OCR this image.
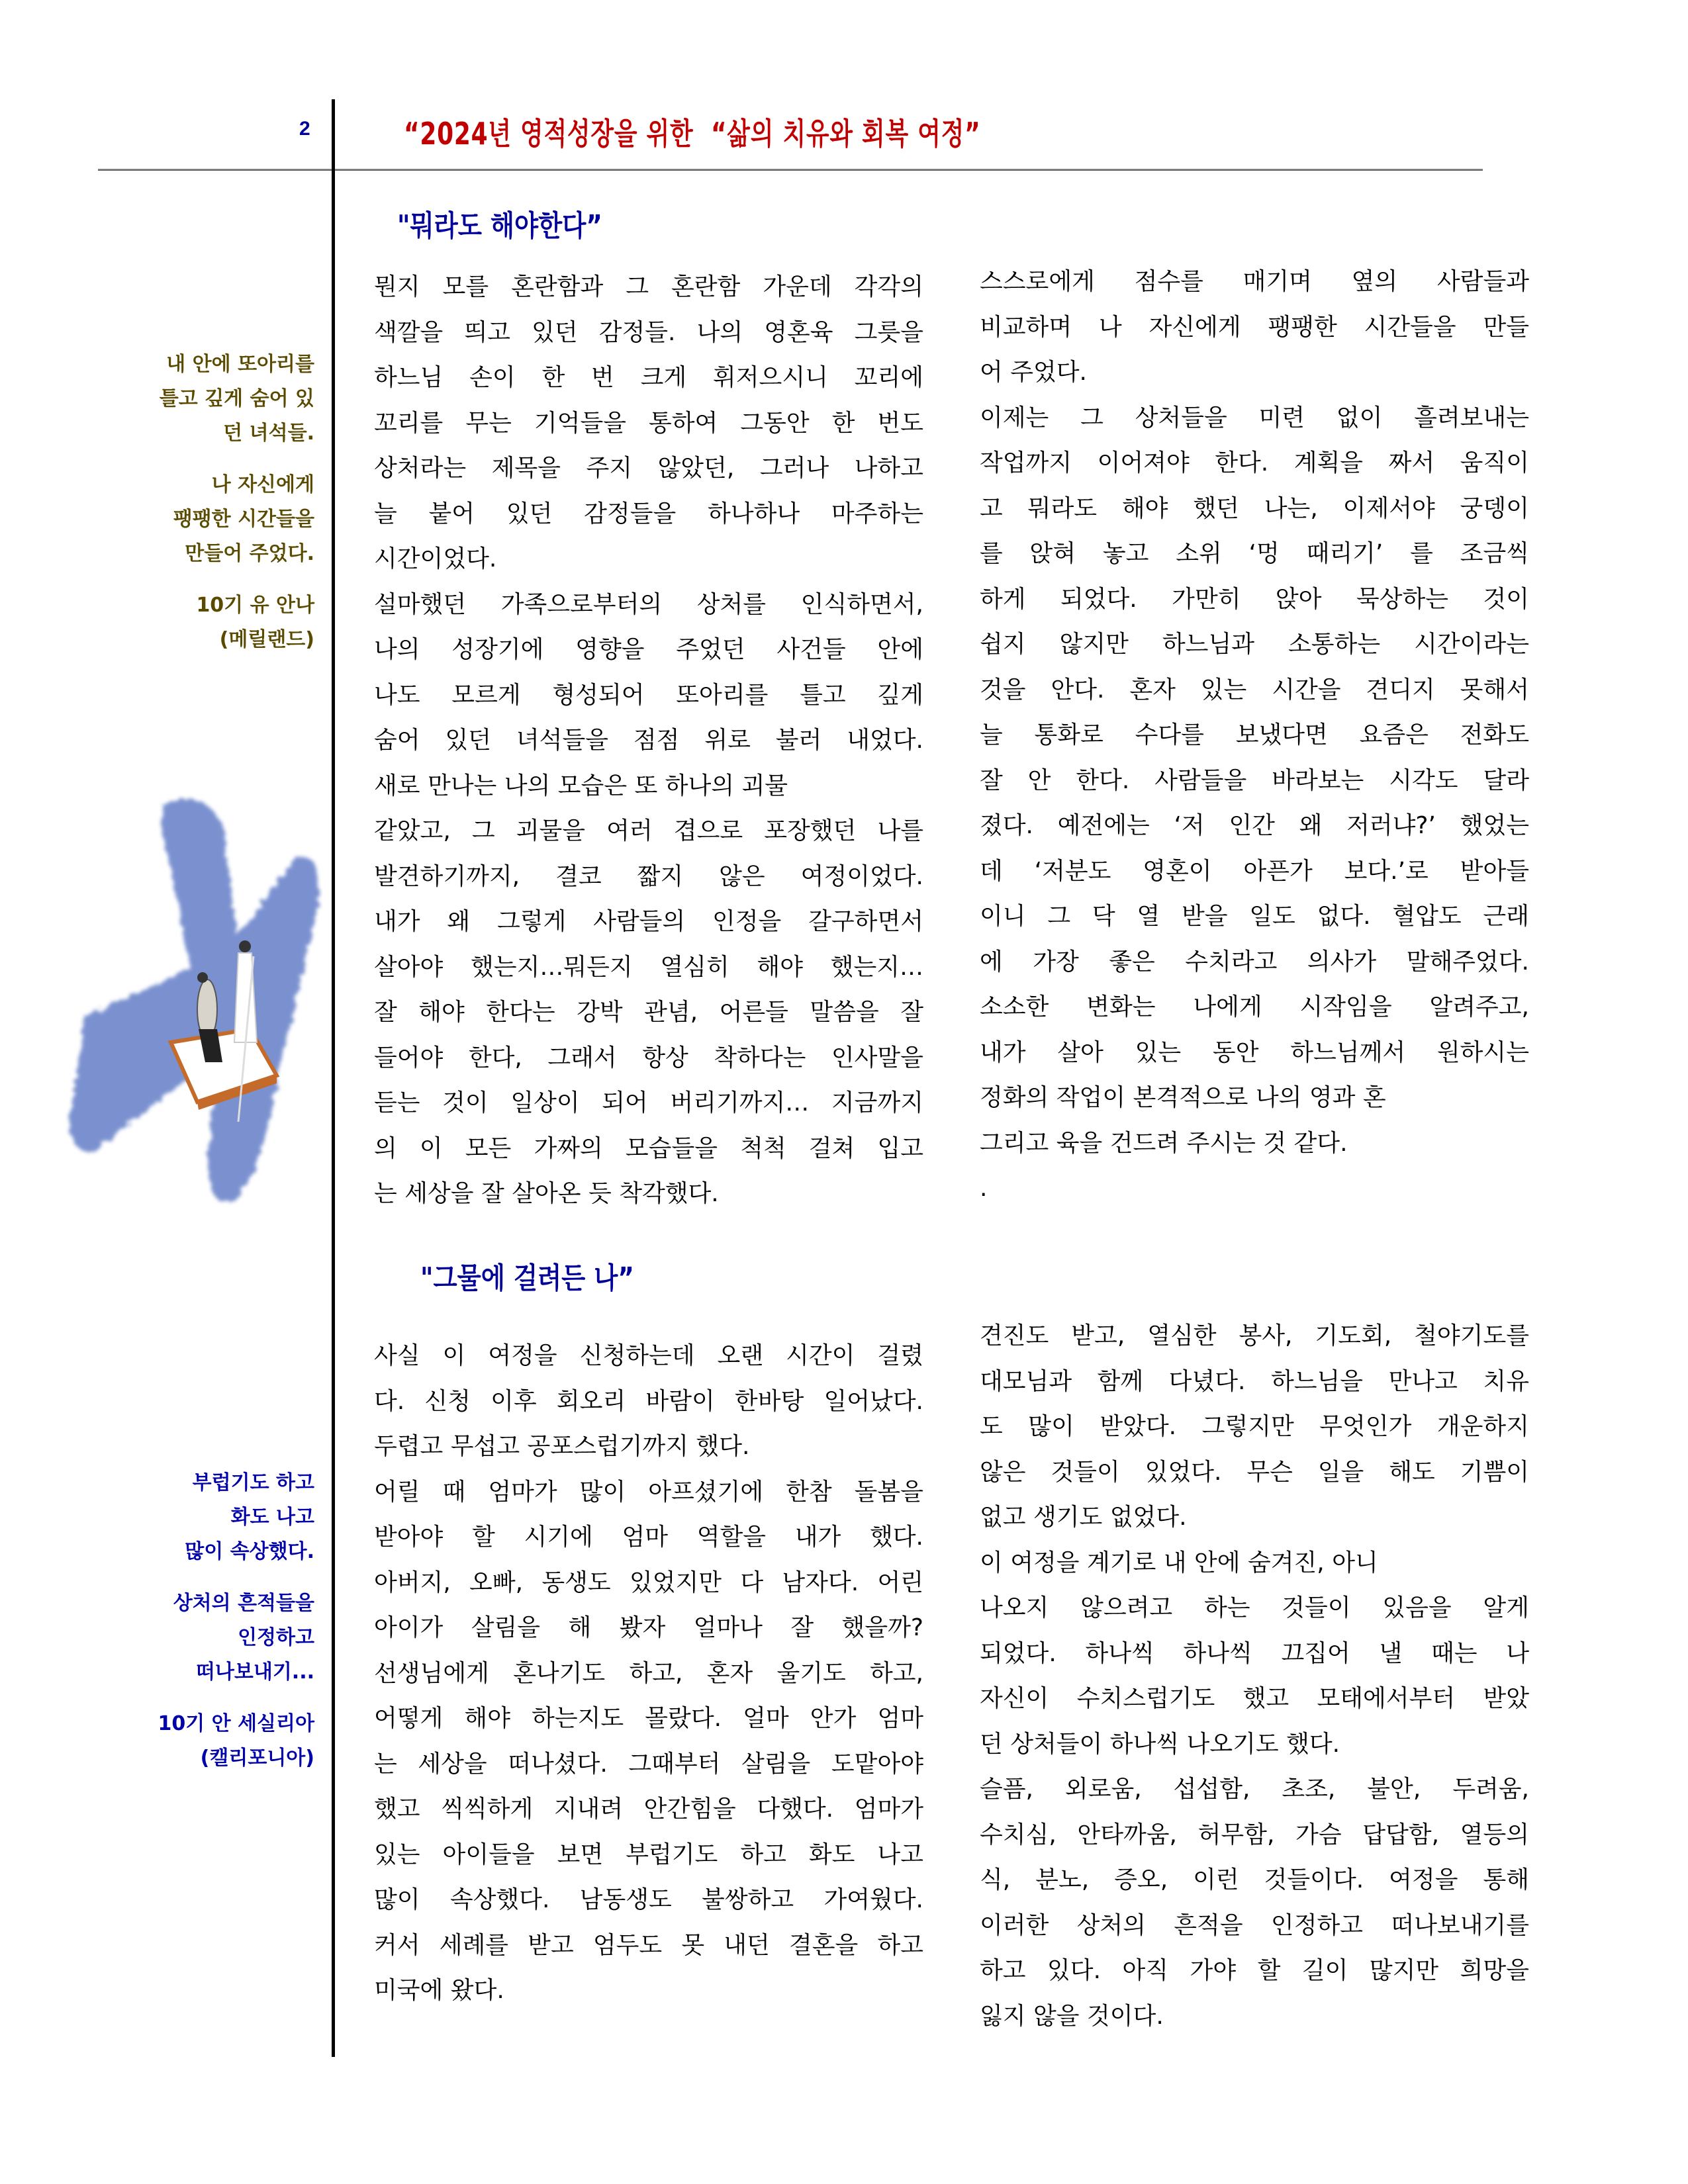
2	“2024년 영적성장을 위한  “삶의 치유와 회복 여정”

내 안에 또아리를
틀고 깊게 숨어 있
던 녀석들.

나 자신에게
팽팽한 시간들을
만들어 주었다.

10기 유 안나
(메릴랜드)

부럽기도 하고
화도 나고
많이 속상했다.

상처의 흔적들을
인정하고
떠나보내기...

10기 안 세실리아
(캘리포니아)

"뭐라도 해야한다”
뭔지 모를 혼란함과 그 혼란함 가운데 각각의
색깔을 띄고 있던 감정들. 나의 영혼육 그릇을
하느님 손이 한 번 크게 휘저으시니 꼬리에
꼬리를 무는 기억들을 통하여 그동안 한 번도
상처라는 제목을 주지 않았던, 그러나 나하고
늘 붙어 있던 감정들을 하나하나 마주하는
시간이었다.
설마했던 가족으로부터의 상처를 인식하면서,
나의 성장기에 영향을 주었던 사건들 안에
나도 모르게 형성되어 또아리를 틀고 깊게
숨어 있던 녀석들을 점점 위로 불러 내었다.
새로 만나는 나의 모습은 또 하나의 괴물
같았고, 그 괴물을 여러 겹으로 포장했던 나를
발견하기까지, 결코 짧지 않은 여정이었다.
내가 왜 그렇게 사람들의 인정을 갈구하면서
살아야 했는지…뭐든지 열심히 해야 했는지…
잘 해야 한다는 강박 관념, 어른들 말씀을 잘
들어야 한다, 그래서 항상 착하다는 인사말을
듣는 것이 일상이 되어 버리기까지… 지금까지
의 이 모든 가짜의 모습들을 척척 걸쳐 입고
는 세상을 잘 살아온 듯 착각했다.
스스로에게 점수를 매기며 옆의 사람들과
비교하며 나 자신에게 팽팽한 시간들을 만들
어 주었다.
이제는 그 상처들을 미련 없이 흘려보내는
작업까지 이어져야 한다. 계획을 짜서 움직이
고 뭐라도 해야 했던 나는, 이제서야 궁뎅이
를 앉혀 놓고 소위 ‘멍 때리기’ 를 조금씩
하게 되었다. 가만히 앉아 묵상하는 것이
쉽지 않지만 하느님과 소통하는 시간이라는
것을 안다. 혼자 있는 시간을 견디지 못해서
늘 통화로 수다를 보냈다면 요즘은 전화도
잘 안 한다. 사람들을 바라보는 시각도 달라
졌다. 예전에는 ‘저 인간 왜 저러냐?’ 했었는
데 ‘저분도 영혼이 아픈가 보다.’로 받아들
이니 그 닥 열 받을 일도 없다. 혈압도 근래
에 가장 좋은 수치라고 의사가 말해주었다.
소소한 변화는 나에게 시작임을 알려주고,
내가 살아 있는 동안 하느님께서 원하시는
정화의 작업이 본격적으로 나의 영과 혼
그리고 육을 건드려 주시는 것 같다.
.
"그물에 걸려든 나”
사실 이 여정을 신청하는데 오랜 시간이 걸렸
다. 신청 이후 회오리 바람이 한바탕 일어났다.
두렵고 무섭고 공포스럽기까지 했다.
어릴 때 엄마가 많이 아프셨기에 한참 돌봄을
받아야 할 시기에 엄마 역할을 내가 했다.
아버지, 오빠, 동생도 있었지만 다 남자다. 어린
아이가 살림을 해 봤자 얼마나 잘 했을까?
선생님에게 혼나기도 하고, 혼자 울기도 하고,
어떻게 해야 하는지도 몰랐다. 얼마 안가 엄마
는 세상을 떠나셨다. 그때부터 살림을 도맡아야
했고 씩씩하게 지내려 안간힘을 다했다. 엄마가
있는 아이들을 보면 부럽기도 하고 화도 나고
많이 속상했다. 남동생도 불쌍하고 가여웠다.
커서 세례를 받고 엄두도 못 내던 결혼을 하고
미국에 왔다.
견진도 받고, 열심한 봉사, 기도회, 철야기도를
대모님과 함께 다녔다. 하느님을 만나고 치유
도 많이 받았다. 그렇지만 무엇인가 개운하지
않은 것들이 있었다. 무슨 일을 해도 기쁨이
없고 생기도 없었다.
이 여정을 계기로 내 안에 숨겨진, 아니
나오지 않으려고 하는 것들이 있음을 알게
되었다. 하나씩 하나씩 끄집어 낼 때는 나
자신이 수치스럽기도 했고 모태에서부터 받았
던 상처들이 하나씩 나오기도 했다.
슬픔, 외로움, 섭섭함, 초조, 불안, 두려움,
수치심, 안타까움, 허무함, 가슴 답답함, 열등의
식, 분노, 증오, 이런 것들이다. 여정을 통해
이러한 상처의 흔적을 인정하고 떠나보내기를
하고 있다. 아직 가야 할 길이 많지만 희망을
잃지 않을 것이다.
